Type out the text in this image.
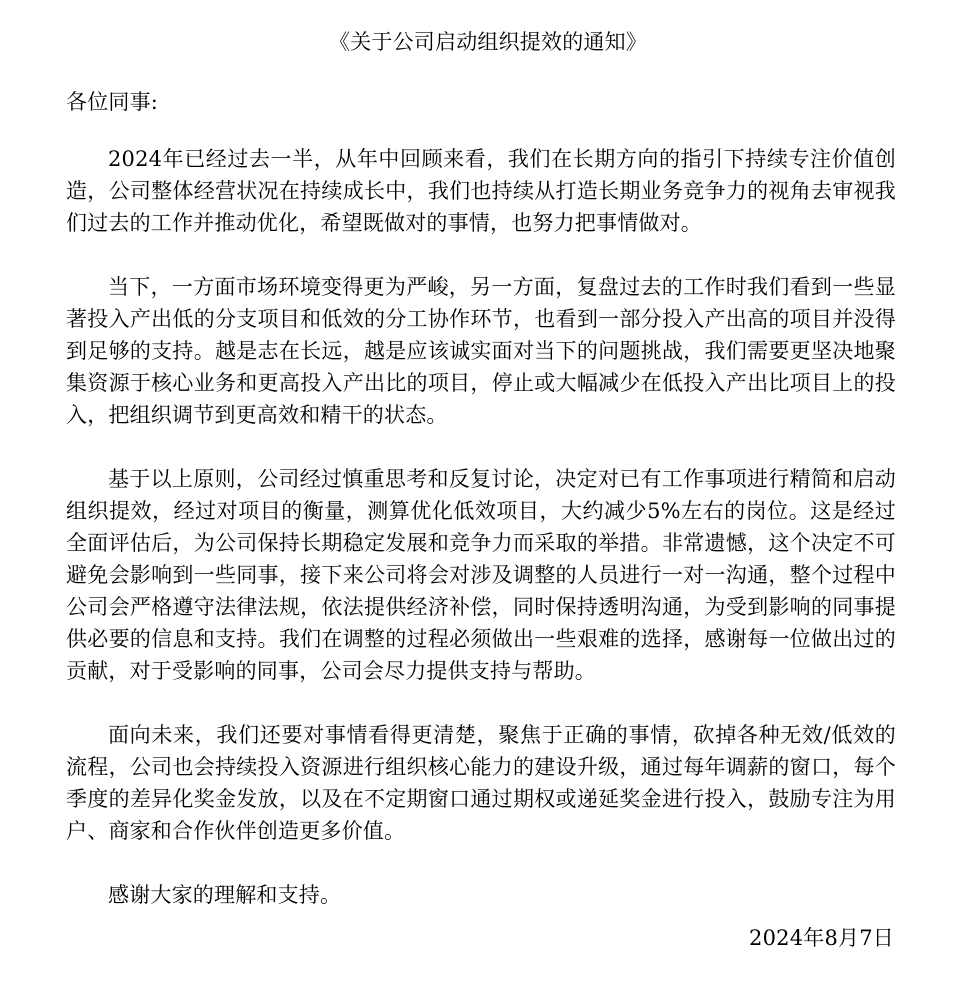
《关于公司启动组织提效的通知》

各位同事:

2024年已经过去一半，从年中回顾来看，我们在长期方向的指引下持续专注价值创造，公司整体经营状况在持续成长中，我们也持续从打造长期业务竞争力的视角去审视我们过去的工作并推动优化，希望既做对的事情，也努力把事情做对。

当下，一方面市场环境变得更为严峻，另一方面，复盘过去的工作时我们看到一些显著投入产出低的分支项目和低效的分工协作环节，也看到一部分投入产出高的项目并没得到足够的支持。越是志在长远，越是应该诚实面对当下的问题挑战，我们需要更坚决地聚集资源于核心业务和更高投入产出比的项目，停止或大幅减少在低投入产出比项目上的投入，把组织调节到更高效和精干的状态。

基于以上原则，公司经过慎重思考和反复讨论，决定对已有工作事项进行精简和启动组织提效，经过对项目的衡量，测算优化低效项目，大约减少5%左右的岗位。这是经过全面评估后，为公司保持长期稳定发展和竞争力而采取的举措。非常遗憾，这个决定不可避免会影响到一些同事，接下来公司将会对涉及调整的人员进行一对一沟通，整个过程中公司会严格遵守法律法规，依法提供经济补偿，同时保持透明沟通，为受到影响的同事提供必要的信息和支持。我们在调整的过程必须做出一些艰难的选择，感谢每一位做出过的贡献，对于受影响的同事，公司会尽力提供支持与帮助。

面向未来，我们还要对事情看得更清楚，聚焦于正确的事情，砍掉各种无效/低效的流程，公司也会持续投入资源进行组织核心能力的建设升级，通过每年调薪的窗口，每个季度的差异化奖金发放，以及在不定期窗口通过期权或递延奖金进行投入，鼓励专注为用户、商家和合作伙伴创造更多价值。

感谢大家的理解和支持。

2024年8月7日
